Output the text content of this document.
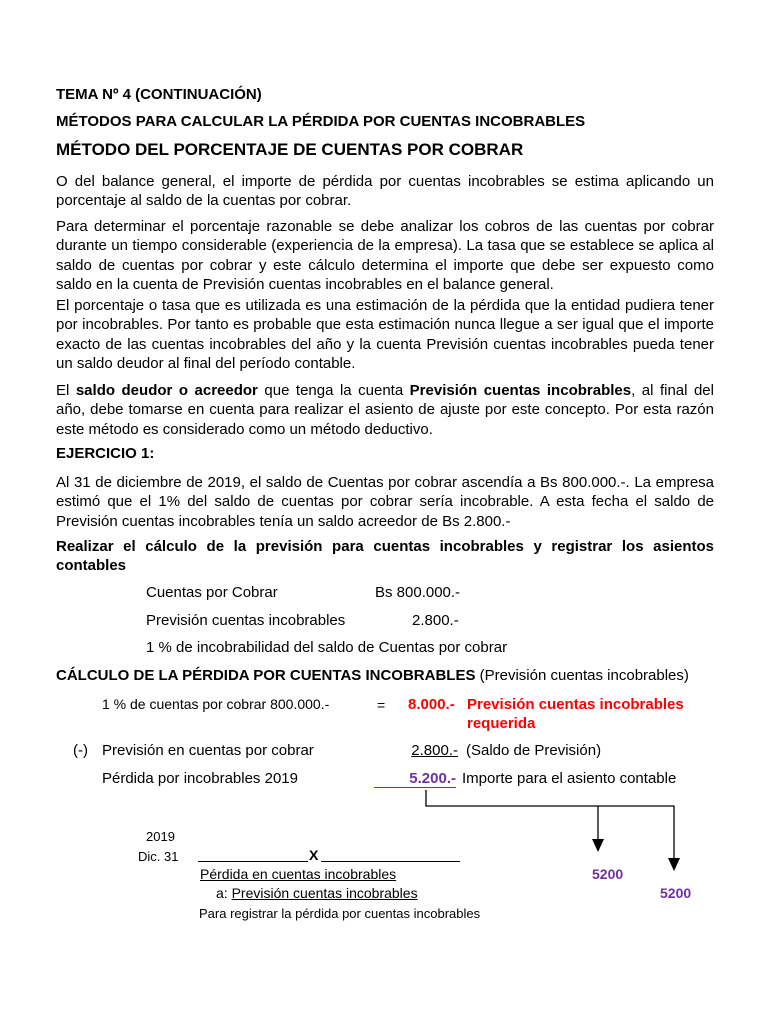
TEMA Nº 4 (CONTINUACIÓN)
MÉTODOS PARA CALCULAR LA PÉRDIDA POR CUENTAS INCOBRABLES
MÉTODO DEL PORCENTAJE DE CUENTAS POR COBRAR
O del balance general, el importe de pérdida por cuentas incobrables se estima aplicando un porcentaje al saldo de la cuentas por cobrar.
Para determinar el porcentaje razonable se debe analizar los cobros de las cuentas por cobrar durante un tiempo considerable (experiencia de la empresa). La tasa que se establece se aplica al saldo de cuentas por cobrar y este cálculo determina el importe que debe ser expuesto como saldo en la cuenta de Previsión cuentas incobrables en el balance general.
El porcentaje o tasa que es utilizada es una estimación de la pérdida que la entidad pudiera tener por incobrables. Por tanto es probable que esta estimación nunca llegue a ser igual que el importe exacto de las cuentas incobrables del año y la cuenta Previsión cuentas incobrables pueda tener un saldo deudor al final del período contable.
El saldo deudor o acreedor que tenga la cuenta Previsión cuentas incobrables, al final del año, debe tomarse en cuenta para realizar el asiento de ajuste por este concepto. Por esta razón este método es considerado como un método deductivo.
EJERCICIO 1:
Al 31 de diciembre de 2019, el saldo de Cuentas por cobrar ascendía a Bs 800.000.-. La empresa estimó que el 1% del saldo de cuentas por cobrar sería incobrable. A esta fecha el saldo de Previsión cuentas incobrables tenía un saldo acreedor de Bs 2.800.-
Realizar el cálculo de la previsión para cuentas incobrables y registrar los asientos contables
Cuentas por Cobrar	Bs 800.000.-
Previsión cuentas incobrables	2.800.-
1 % de incobrabilidad del saldo de Cuentas por cobrar
CÁLCULO DE LA PÉRDIDA POR CUENTAS INCOBRABLES (Previsión cuentas incobrables)
1 % de cuentas por cobrar 800.000.-	= 8.000.- Previsión cuentas incobrables
requerida
(-) Previsión en cuentas por cobrar	2.800.- (Saldo de Previsión)
Pérdida por incobrables 2019	5.200.- Importe para el asiento contable
2019
Dic. 31	X
Pérdida en cuentas incobrables	5200
a: Previsión cuentas incobrables	5200
Para registrar la pérdida por cuentas incobrables
